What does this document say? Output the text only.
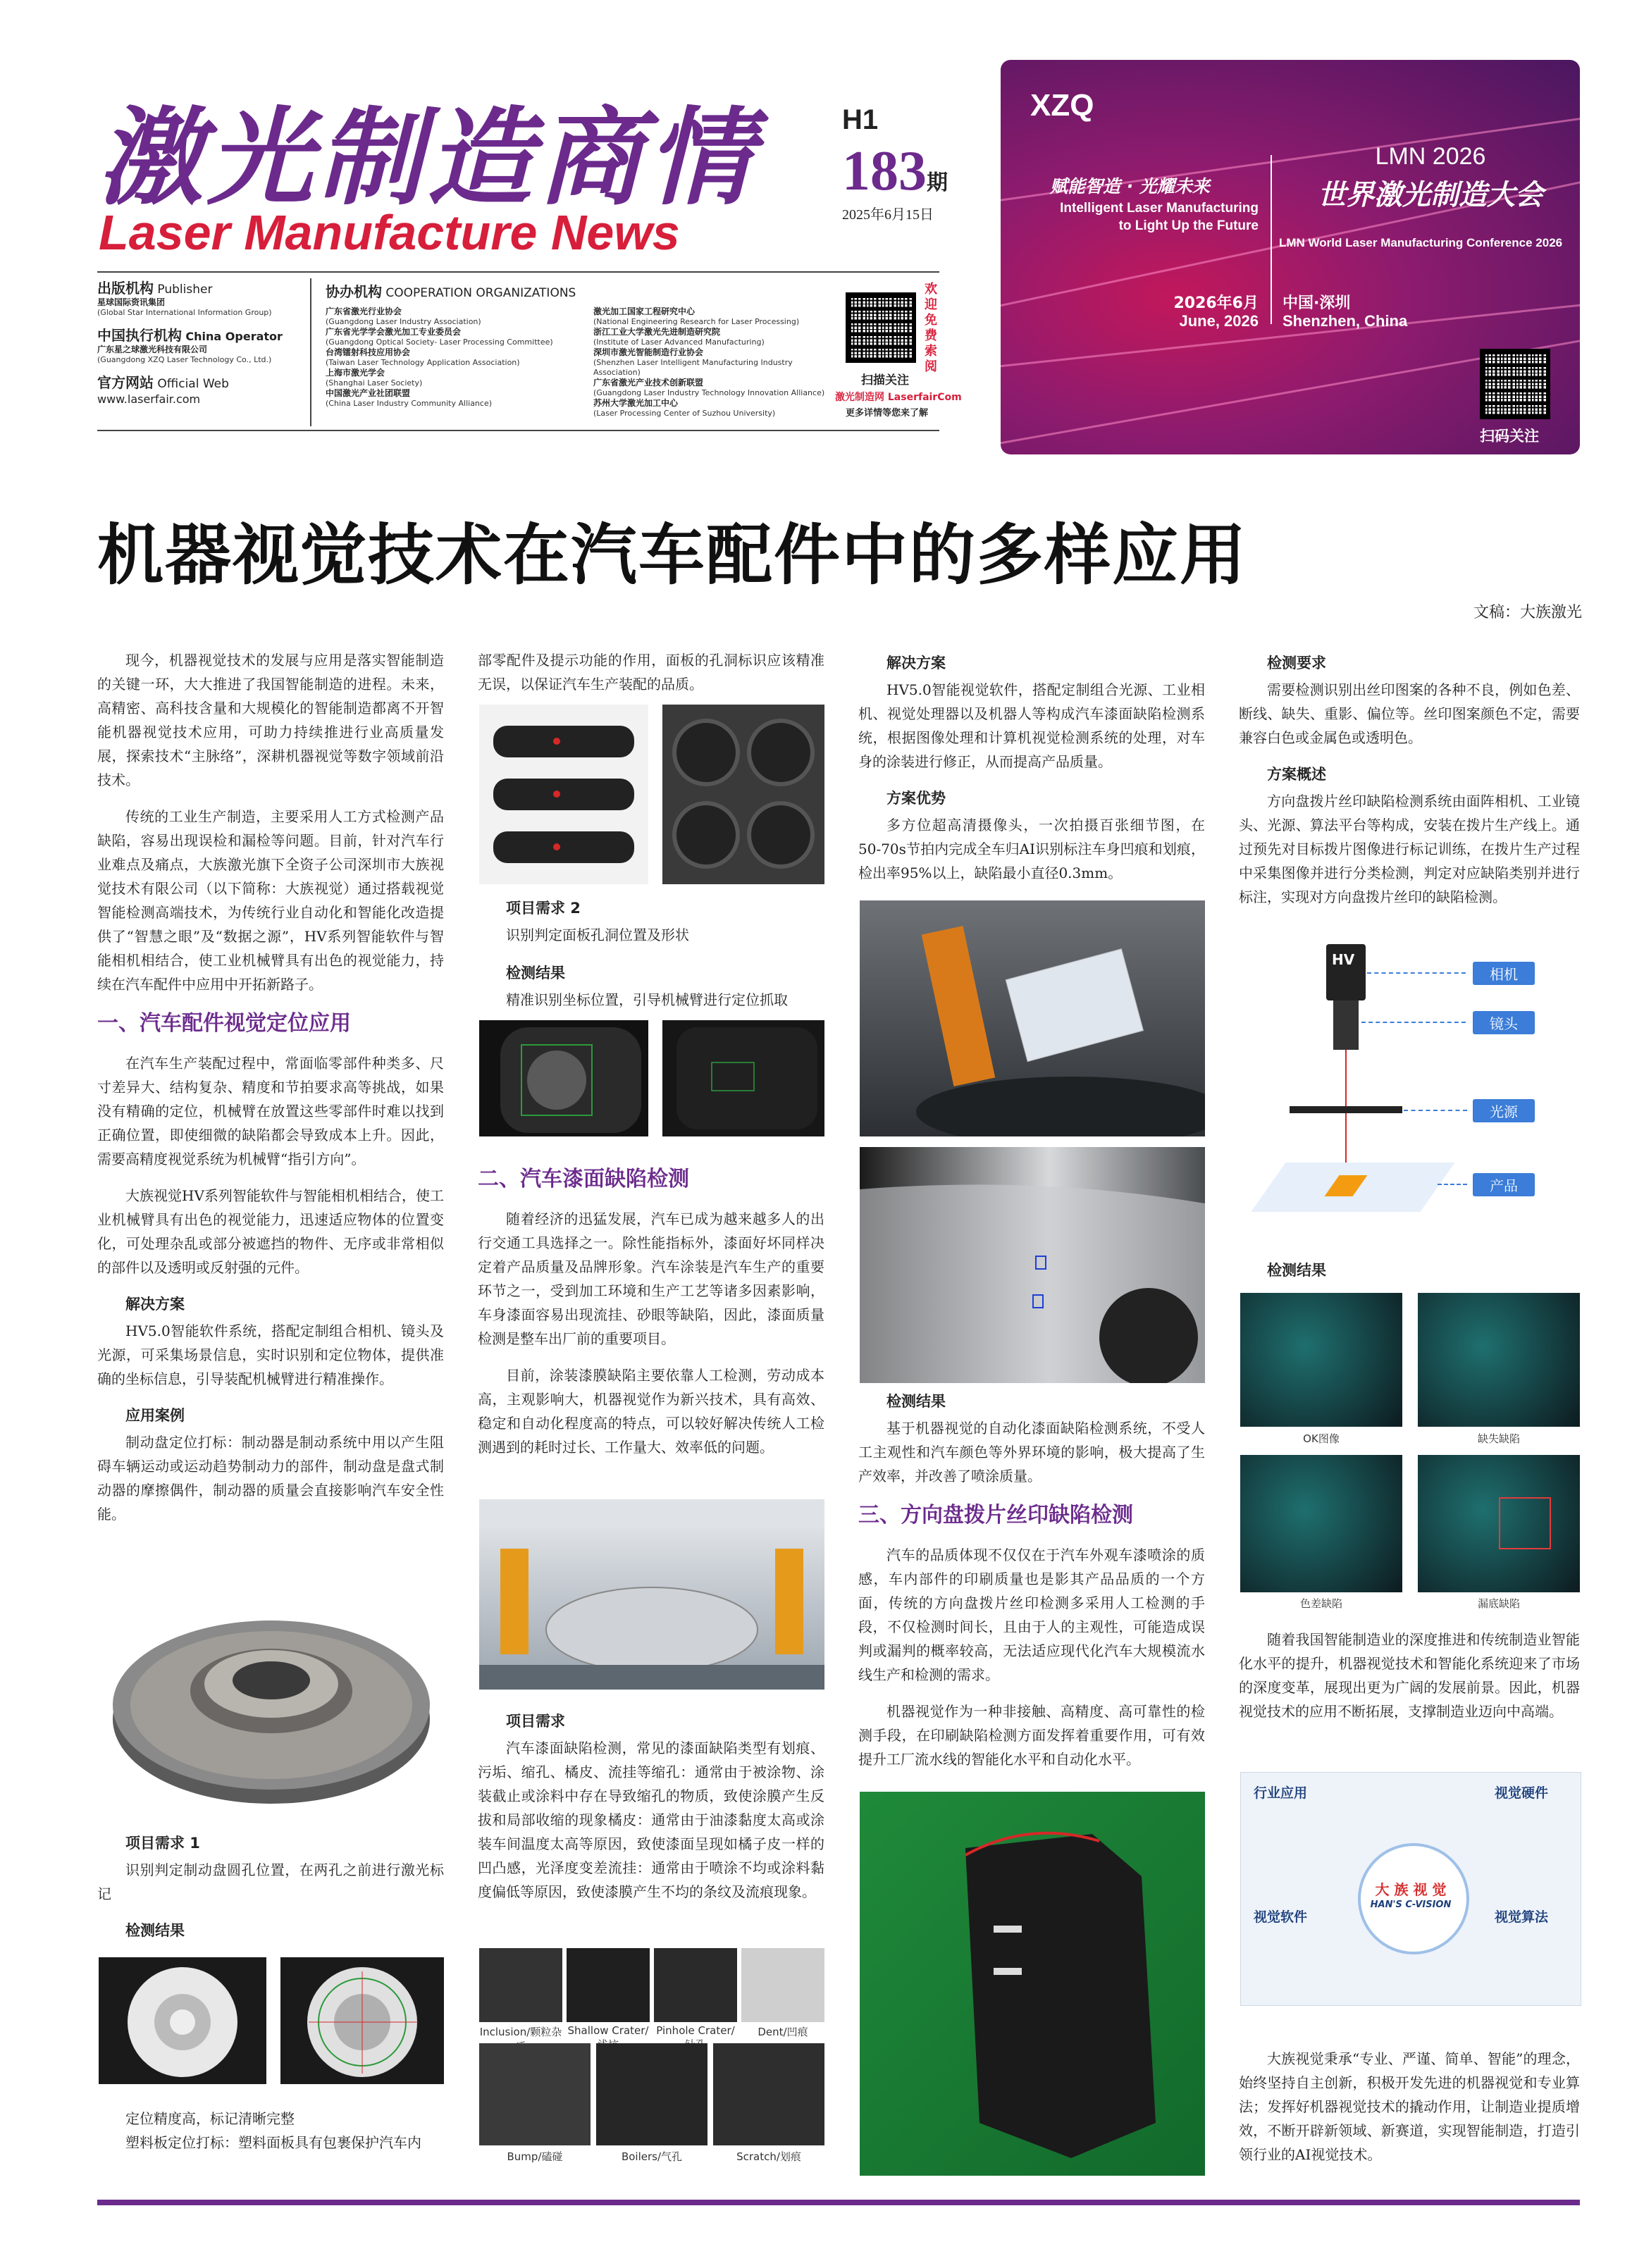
激光制造商情
Laser Manufacture News
H1
183期
2025年6月15日
出版机构 Publisher
星球国际资讯集团
(Global Star International Information Group)
中国执行机构 China Operator
广东星之球激光科技有限公司
(Guangdong XZQ Laser Technology Co., Ltd.)
官方网站 Official Web
www.laserfair.com
协办机构 COOPERATION ORGANIZATIONS
广东省激光行业协会
(Guangdong Laser Industry Association)
广东省光学学会激光加工专业委员会
(Guangdong Optical Society- Laser Processing Committee)
台湾镭射科技应用协会
(Taiwan Laser Technology Application Association)
上海市激光学会
(Shanghai Laser Society)
中国激光产业社团联盟
(China Laser Industry Community Alliance)
激光加工国家工程研究中心
(National Engineering Research for Laser Processing)
浙江工业大学激光先进制造研究院
(Institute of Laser Advanced Manufacturing)
深圳市激光智能制造行业协会
(Shenzhen Laser Intelligent Manufacturing Industry Association)
广东省激光产业技术创新联盟
(Guangdong Laser Industry Technology Innovation Alliance)
苏州大学激光加工中心
(Laser Processing Center of Suzhou University)
欢迎免费索阅
扫描关注
激光制造网 LaserfairCom
更多详情等您来了解
XZQ
赋能智造 · 光耀未来
Intelligent Laser Manufacturing
to Light Up the Future
LMN 2026
世界激光制造大会
LMN World Laser Manufacturing Conference 2026
2026年6月
June, 2026
中国·深圳
Shenzhen, China
扫码关注
机器视觉技术在汽车配件中的多样应用
文稿：大族激光

现今，机器视觉技术的发展与应用是落实智能制造的关键一环，大大推进了我国智能制造的进程。未来，高精密、高科技含量和大规模化的智能制造都离不开智能机器视觉技术应用，可助力持续推进行业高质量发展，探索技术“主脉络”，深耕机器视觉等数字领域前沿技术。

传统的工业生产制造，主要采用人工方式检测产品缺陷，容易出现误检和漏检等问题。目前，针对汽车行业难点及痛点，大族激光旗下全资子公司深圳市大族视觉技术有限公司（以下简称：大族视觉）通过搭载视觉智能检测高端技术，为传统行业自动化和智能化改造提供了“智慧之眼”及“数据之源”，HV系列智能软件与智能相机相结合，使工业机械臂具有出色的视觉能力，持续在汽车配件中应用中开拓新路子。

一、汽车配件视觉定位应用

在汽车生产装配过程中，常面临零部件种类多、尺寸差异大、结构复杂、精度和节拍要求高等挑战，如果没有精确的定位，机械臂在放置这些零部件时难以找到正确位置，即使细微的缺陷都会导致成本上升。因此，需要高精度视觉系统为机械臂“指引方向”。

大族视觉HV系列智能软件与智能相机相结合，使工业机械臂具有出色的视觉能力，迅速适应物体的位置变化，可处理杂乱或部分被遮挡的物件、无序或非常相似的部件以及透明或反射强的元件。

解决方案

HV5.0智能软件系统，搭配定制组合相机、镜头及光源，可采集场景信息，实时识别和定位物体，提供准确的坐标信息，引导装配机械臂进行精准操作。

应用案例

制动盘定位打标：制动器是制动系统中用以产生阻碍车辆运动或运动趋势制动力的部件，制动盘是盘式制动器的摩擦偶件，制动器的质量会直接影响汽车安全性能。

项目需求 1

识别判定制动盘圆孔位置，在两孔之前进行激光标记

检测结果

定位精度高，标记清晰完整

塑料板定位打标：塑料面板具有包裹保护汽车内

部零配件及提示功能的作用，面板的孔洞标识应该精准无误，以保证汽车生产装配的品质。

项目需求 2

识别判定面板孔洞位置及形状

检测结果

精准识别坐标位置，引导机械臂进行定位抓取

二、汽车漆面缺陷检测

随着经济的迅猛发展，汽车已成为越来越多人的出行交通工具选择之一。除性能指标外，漆面好坏同样决定着产品质量及品牌形象。汽车涂装是汽车生产的重要环节之一，受到加工环境和生产工艺等诸多因素影响，车身漆面容易出现流挂、砂眼等缺陷，因此，漆面质量检测是整车出厂前的重要项目。

目前，涂装漆膜缺陷主要依靠人工检测，劳动成本高，主观影响大，机器视觉作为新兴技术，具有高效、稳定和自动化程度高的特点，可以较好解决传统人工检测遇到的耗时过长、工作量大、效率低的问题。

项目需求

汽车漆面缺陷检测，常见的漆面缺陷类型有划痕、污垢、缩孔、橘皮、流挂等缩孔：通常由于被涂物、涂装截止或涂料中存在导致缩孔的物质，致使涂膜产生反拔和局部收缩的现象橘皮：通常由于油漆黏度太高或涂装车间温度太高等原因，致使漆面呈现如橘子皮一样的凹凸感，光泽度变差流挂：通常由于喷涂不均或涂料黏度偏低等原因，致使漆膜产生不均的条纹及流痕现象。

Inclusion/颗粒杂 Shallow Crater/ Pinhole Crater/	Dent/凹痕
Bump/磕碰	Boilers/气孔	Scratch/划痕
解决方案

HV5.0智能视觉软件，搭配定制组合光源、工业相机、视觉处理器以及机器人等构成汽车漆面缺陷检测系统，根据图像处理和计算机视觉检测系统的处理，对车身的涂装进行修正，从而提高产品质量。

方案优势

多方位超高清摄像头，一次拍摄百张细节图，在50-70s节拍内完成全车归AI识别标注车身凹痕和划痕，检出率95%以上，缺陷最小直径0.3mm。

检测结果

基于机器视觉的自动化漆面缺陷检测系统，不受人工主观性和汽车颜色等外界环境的影响，极大提高了生产效率，并改善了喷涂质量。

三、方向盘拨片丝印缺陷检测

汽车的品质体现不仅仅在于汽车外观车漆喷涂的质感，车内部件的印刷质量也是影其产品品质的一个方面，传统的方向盘拨片丝印检测多采用人工检测的手段，不仅检测时间长，且由于人的主观性，可能造成误判或漏判的概率较高，无法适应现代化汽车大规模流水线生产和检测的需求。

机器视觉作为一种非接触、高精度、高可靠性的检测手段，在印刷缺陷检测方面发挥着重要作用，可有效提升工厂流水线的智能化水平和自动化水平。

检测要求

需要检测识别出丝印图案的各种不良，例如色差、断线、缺失、重影、偏位等。丝印图案颜色不定，需要兼容白色或金属色或透明色。

方案概述

方向盘拨片丝印缺陷检测系统由面阵相机、工业镜头、光源、算法平台等构成，安装在拨片生产线上。通过预先对目标拨片图像进行标记训练，在拨片生产过程中采集图像并进行分类检测，判定对应缺陷类别并进行标注，实现对方向盘拨片丝印的缺陷检测。

HV
相机
镜头
光源
产品
检测结果
OK图像	缺失缺陷
色差缺陷	漏底缺陷

随着我国智能制造业的深度推进和传统制造业智能化水平的提升，机器视觉技术和智能化系统迎来了市场的深度变革，展现出更为广阔的发展前景。因此，机器视觉技术的应用不断拓展，支撑制造业迈向中高端。

行业应用	视觉硬件
视觉软件	视觉算法
大 族 视 觉
HAN'S C-VISION

大族视觉秉承“专业、严谨、简单、智能”的理念，始终坚持自主创新，积极开发先进的机器视觉和专业算法；发挥好机器视觉技术的撬动作用，让制造业提质增效，不断开辟新领域、新赛道，实现智能制造，打造引领行业的AI视觉技术。
